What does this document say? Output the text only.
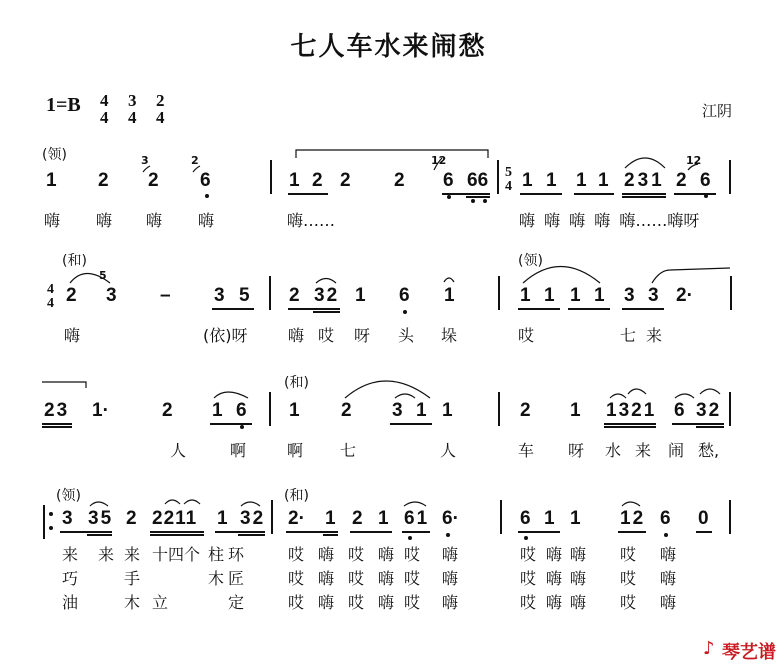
七人车水来闹愁
1=B 4
4
3
4
2
4	江阴
(领)
1 2
3
2
2
6	1 2 2 2
12
6 66 5
4 1 1 1 1 231 2
12
6
嗨 嗨 嗨 嗨	嗨……	嗨 嗨 嗨 嗨 嗨……嗨呀
(和)	(领)
4
4 2
5
3 – 3 5 2 32 1 6 1	1 1 1 1 3 3 2·
嗨	(依)呀	嗨 哎 呀 头 垛	哎	七来
(和)
23 1·	2 1 6 1 2 3 1 1	2 1 1321 6 32
人	啊	啊 七	人	车 呀 水 来 闹 愁,
(领)	(和)
3 35 2 2211 1 32 2· 1 2 1 61 6·	6 1 1 12 6 0
来 来 来 十四个 柱 环	哎 嗨 哎 嗨 哎 嗨	哎 嗨 嗨 哎 嗨
巧	手	木 匠	哎 嗨 哎 嗨 哎 嗨	哎 嗨 嗨 哎 嗨
油	木 立	定	哎 嗨 哎 嗨 哎 嗨	哎 嗨 嗨 哎 嗨
♪ 琴艺谱
